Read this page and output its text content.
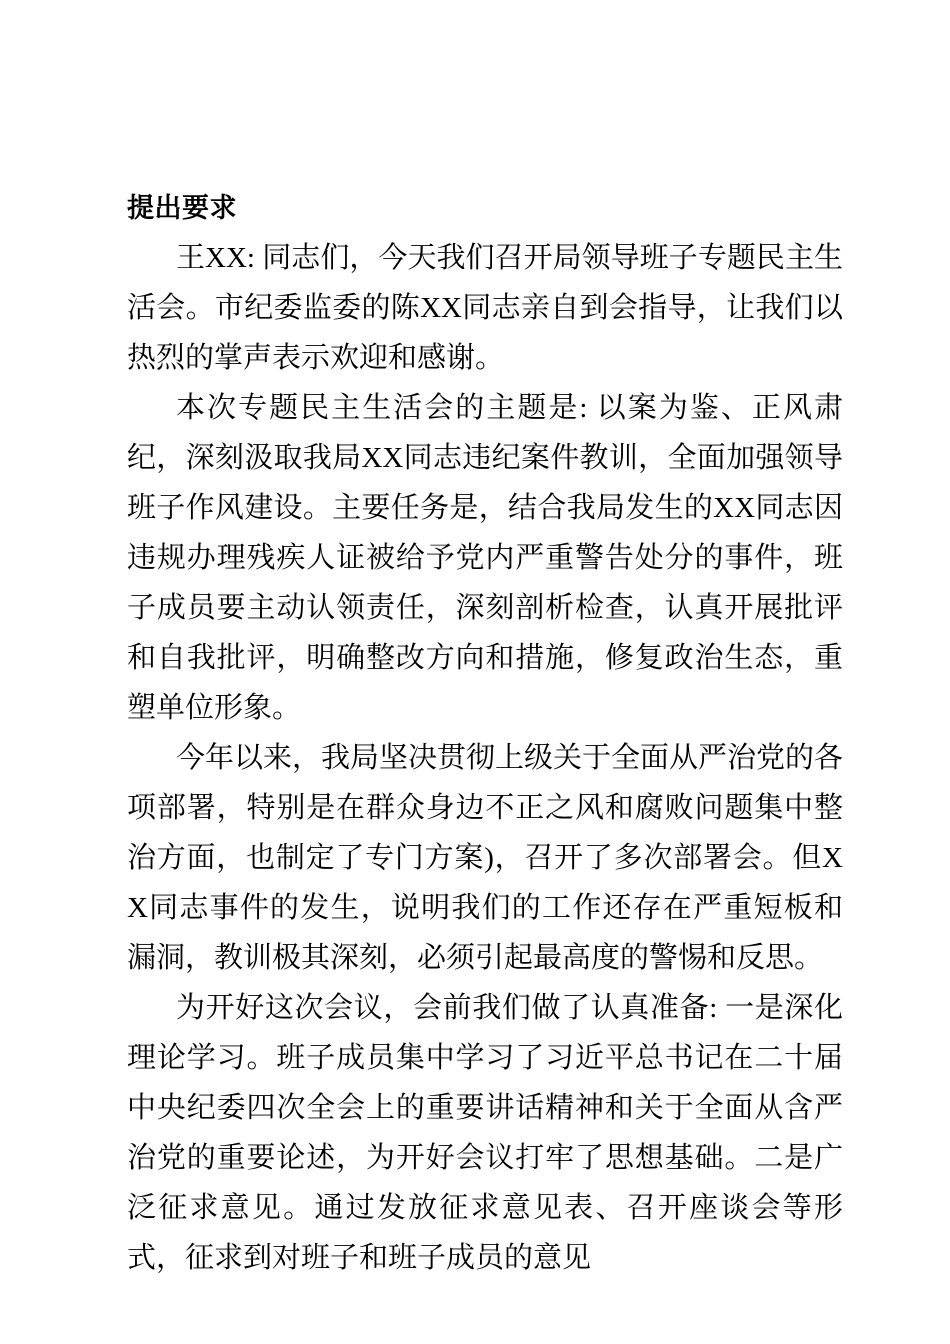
提出要求

王XX: 同志们，今天我们召开局领导班子专题民主生活会。市纪委监委的陈XX同志亲自到会指导，让我们以热烈的掌声表示欢迎和感谢。

本次专题民主生活会的主题是: 以案为鉴、正风肃纪，深刻汲取我局XX同志违纪案件教训，全面加强领导班子作风建设。主要任务是，结合我局发生的XX同志因违规办理残疾人证被给予党内严重警告处分的事件，班子成员要主动认领责任，深刻剖析检查，认真开展批评和自我批评，明确整改方向和措施，修复政治生态，重塑单位形象。

今年以来，我局坚决贯彻上级关于全面从严治党的各项部署，特别是在群众身边不正之风和腐败问题集中整治方面，也制定了专门方案)，召开了多次部署会。但XX同志事件的发生，说明我们的工作还存在严重短板和漏洞，教训极其深刻，必须引起最高度的警惕和反思。

为开好这次会议，会前我们做了认真准备: 一是深化理论学习。班子成员集中学习了习近平总书记在二十届中央纪委四次全会上的重要讲话精神和关于全面从含严治党的重要论述，为开好会议打牢了思想基础。二是广泛征求意见。通过发放征求意见表、召开座谈会等形式，征求到对班子和班子成员的意见
